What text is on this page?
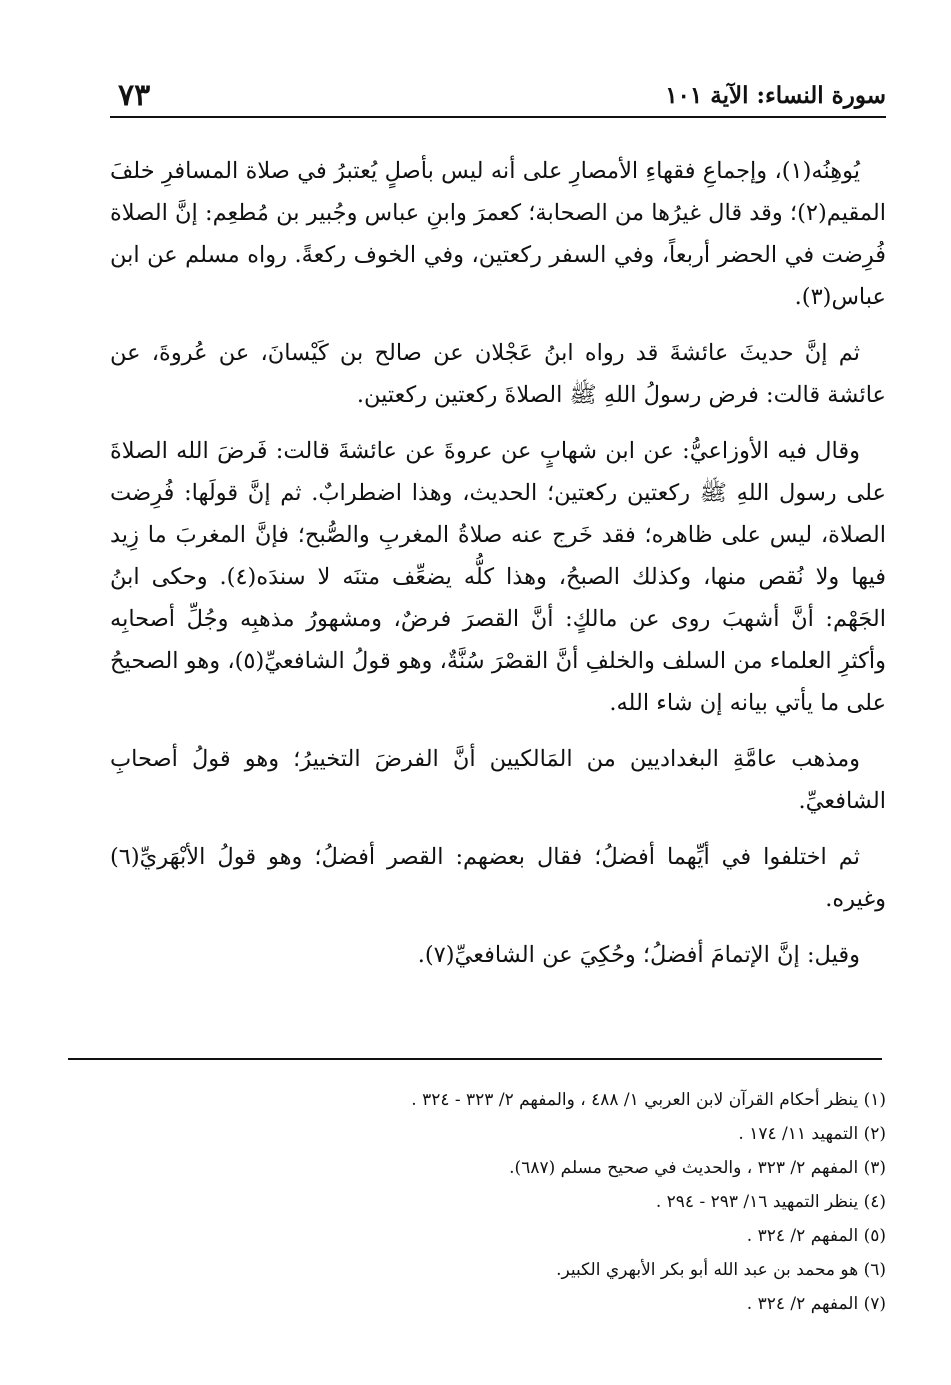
سورة النساء: الآية ١٠١
٧٣

يُوهِنُه(١)، وإجماعِ فقهاءِ الأمصارِ على أنه ليس بأصلٍ يُعتبرُ في صلاة المسافرِ خلفَ المقيم(٢)؛ وقد قال غيرُها من الصحابة؛ كعمرَ وابنِ عباس وجُبير بن مُطعِم: إنَّ الصلاة فُرِضت في الحضر أربعاً، وفي السفر ركعتين، وفي الخوف ركعةً. رواه مسلم عن ابن عباس(٣).

ثم إنَّ حديثَ عائشةَ قد رواه ابنُ عَجْلان عن صالح بن كَيْسانَ، عن عُروةَ، عن عائشة قالت: فرض رسولُ اللهِ ﷺ الصلاةَ ركعتين ركعتين.

وقال فيه الأوزاعيُّ: عن ابن شهابٍ عن عروةَ عن عائشةَ قالت: فَرضَ الله الصلاةَ على رسول اللهِ ﷺ ركعتين ركعتين؛ الحديث، وهذا اضطرابٌ. ثم إنَّ قولَها: فُرِضت الصلاة، ليس على ظاهره؛ فقد خَرج عنه صلاةُ المغربِ والصُّبح؛ فإنَّ المغربَ ما زِيد فيها ولا نُقص منها، وكذلك الصبحُ، وهذا كلُّه يضعِّف متنَه لا سندَه(٤). وحكى ابنُ الجَهْم: أنَّ أشهبَ روى عن مالكٍ: أنَّ القصرَ فرضٌ، ومشهورُ مذهبِه وجُلِّ أصحابِه وأكثرِ العلماء من السلف والخلفِ أنَّ القصْرَ سُنَّةٌ، وهو قولُ الشافعيِّ(٥)، وهو الصحيحُ على ما يأتي بيانه إن شاء الله.

ومذهب عامَّةِ البغداديين من المَالكيين أنَّ الفرضَ التخييرُ؛ وهو قولُ أصحابِ الشافعيِّ.

ثم اختلفوا في أيِّهما أفضلُ؛ فقال بعضهم: القصر أفضلُ؛ وهو قولُ الأبْهَريِّ(٦) وغيره.

وقيل: إنَّ الإتمامَ أفضلُ؛ وحُكِيَ عن الشافعيِّ(٧).

(١) ينظر أحكام القرآن لابن العربي ١/ ٤٨٨ ، والمفهم ٢/ ٣٢٣ - ٣٢٤ .
(٢) التمهيد ١١/ ١٧٤ .
(٣) المفهم ٢/ ٣٢٣ ، والحديث في صحيح مسلم (٦٨٧).
(٤) ينظر التمهيد ١٦/ ٢٩٣ - ٢٩٤ .
(٥) المفهم ٢/ ٣٢٤ .
(٦) هو محمد بن عبد الله أبو بكر الأبهري الكبير.
(٧) المفهم ٢/ ٣٢٤ .
